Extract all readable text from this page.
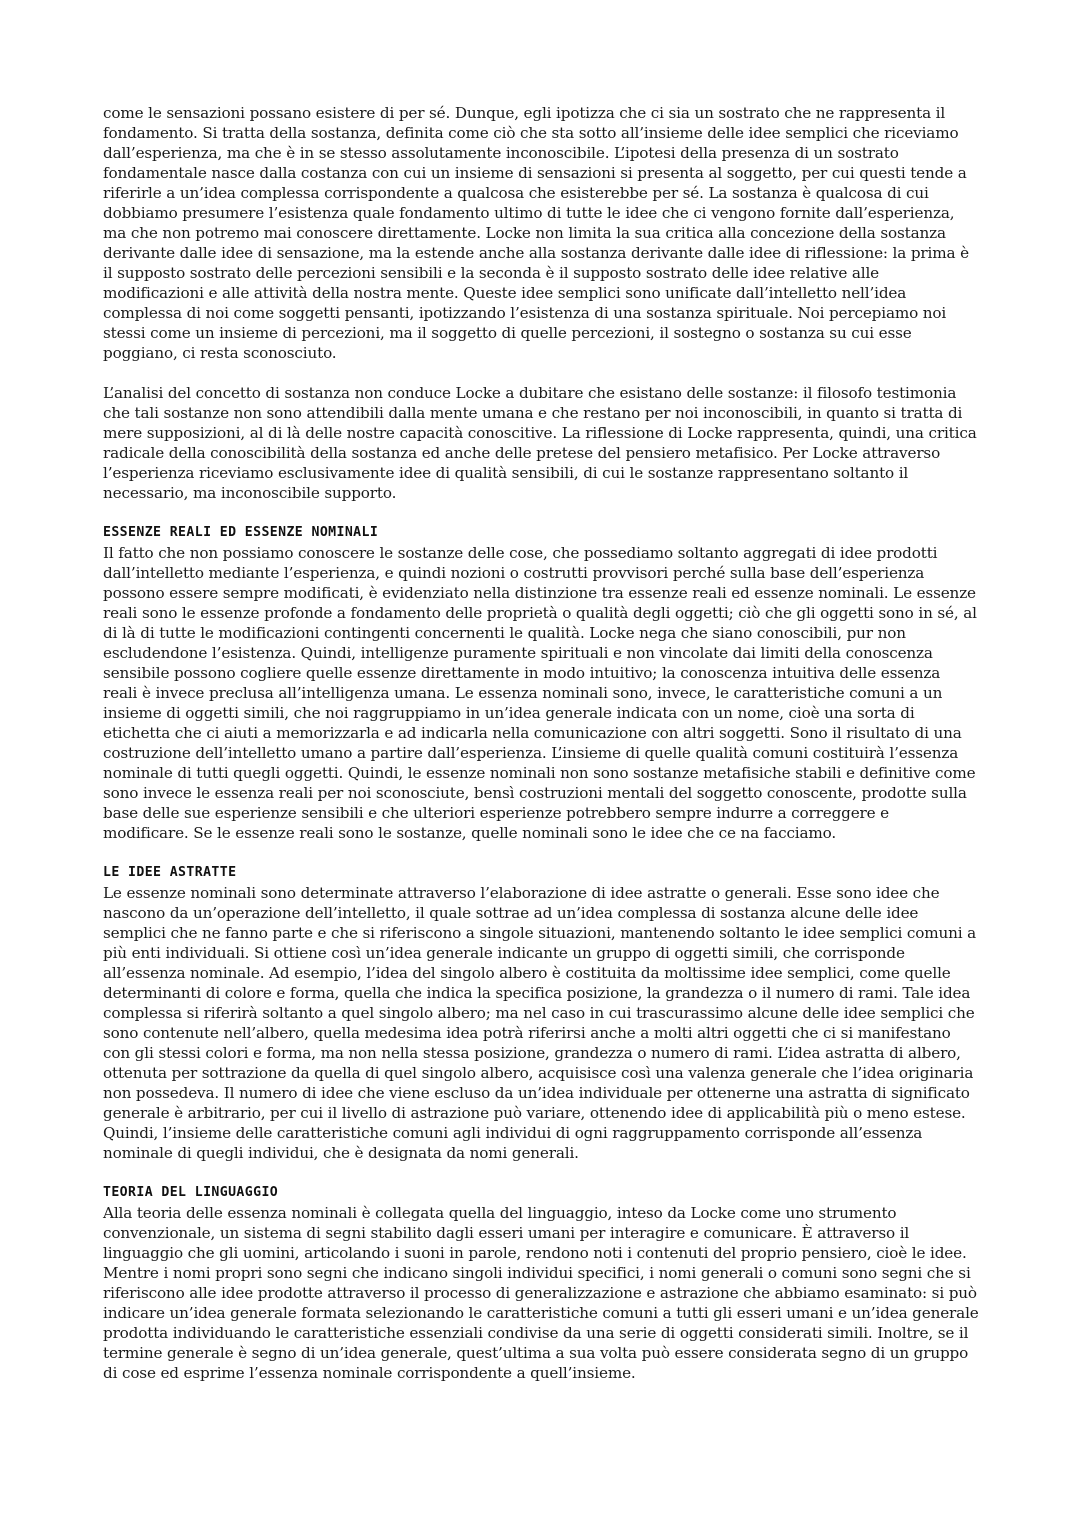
come le sensazioni possano esistere di per sé. Dunque, egli ipotizza che ci sia un sostrato che ne rappresenta il fondamento. Si tratta della sostanza, definita come ciò che sta sotto all’insieme delle idee semplici che riceviamo dall’esperienza, ma che è in se stesso assolutamente inconoscibile. L’ipotesi della presenza di un sostrato fondamentale nasce dalla costanza con cui un insieme di sensazioni si presenta al soggetto, per cui questi tende a riferirle a un’idea complessa corrispondente a qualcosa che esisterebbe per sé. La sostanza è qualcosa di cui dobbiamo presumere l’esistenza quale fondamento ultimo di tutte le idee che ci vengono fornite dall’esperienza, ma che non potremo mai conoscere direttamente. Locke non limita la sua critica alla concezione della sostanza derivante dalle idee di sensazione, ma la estende anche alla sostanza derivante dalle idee di riflessione: la prima è il supposto sostrato delle percezioni sensibili e la seconda è il supposto sostrato delle idee relative alle modificazioni e alle attività della nostra mente. Queste idee semplici sono unificate dall’intelletto nell’idea complessa di noi come soggetti pensanti, ipotizzando l’esistenza di una sostanza spirituale. Noi percepiamo noi stessi come un insieme di percezioni, ma il soggetto di quelle percezioni, il sostegno o sostanza su cui esse poggiano, ci resta sconosciuto.

L’analisi del concetto di sostanza non conduce Locke a dubitare che esistano delle sostanze: il filosofo testimonia che tali sostanze non sono attendibili dalla mente umana e che restano per noi inconoscibili, in quanto si tratta di mere supposizioni, al di là delle nostre capacità conoscitive. La riflessione di Locke rappresenta, quindi, una critica radicale della conoscibilità della sostanza ed anche delle pretese del pensiero metafisico. Per Locke attraverso l’esperienza riceviamo esclusivamente idee di qualità sensibili, di cui le sostanze rappresentano soltanto il necessario, ma inconoscibile supporto.

ESSENZE REALI ED ESSENZE NOMINALI

Il fatto che non possiamo conoscere le sostanze delle cose, che possediamo soltanto aggregati di idee prodotti dall’intelletto mediante l’esperienza, e quindi nozioni o costrutti provvisori perché sulla base dell’esperienza possono essere sempre modificati, è evidenziato nella distinzione tra essenze reali ed essenze nominali. Le essenze reali sono le essenze profonde a fondamento delle proprietà o qualità degli oggetti; ciò che gli oggetti sono in sé, al di là di tutte le modificazioni contingenti concernenti le qualità. Locke nega che siano conoscibili, pur non escludendone l’esistenza. Quindi, intelligenze puramente spirituali e non vincolate dai limiti della conoscenza sensibile possono cogliere quelle essenze direttamente in modo intuitivo; la conoscenza intuitiva delle essenza reali è invece preclusa all’intelligenza umana. Le essenza nominali sono, invece, le caratteristiche comuni a un insieme di oggetti simili, che noi raggruppiamo in un’idea generale indicata con un nome, cioè una sorta di etichetta che ci aiuti a memorizzarla e ad indicarla nella comunicazione con altri soggetti. Sono il risultato di una costruzione dell’intelletto umano a partire dall’esperienza. L’insieme di quelle qualità comuni costituirà l’essenza nominale di tutti quegli oggetti. Quindi, le essenze nominali non sono sostanze metafisiche stabili e definitive come sono invece le essenza reali per noi sconosciute, bensì costruzioni mentali del soggetto conoscente, prodotte sulla base delle sue esperienze sensibili e che ulteriori esperienze potrebbero sempre indurre a correggere e modificare. Se le essenze reali sono le sostanze, quelle nominali sono le idee che ce na facciamo.

LE IDEE ASTRATTE

Le essenze nominali sono determinate attraverso l’elaborazione di idee astratte o generali. Esse sono idee che nascono da un’operazione dell’intelletto, il quale sottrae ad un’idea complessa di sostanza alcune delle idee semplici che ne fanno parte e che si riferiscono a singole situazioni, mantenendo soltanto le idee semplici comuni a più enti individuali. Si ottiene così un’idea generale indicante un gruppo di oggetti simili, che corrisponde all’essenza nominale. Ad esempio, l’idea del singolo albero è costituita da moltissime idee semplici, come quelle determinanti di colore e forma, quella che indica la specifica posizione, la grandezza o il numero di rami. Tale idea complessa si riferirà soltanto a quel singolo albero; ma nel caso in cui trascurassimo alcune delle idee semplici che sono contenute nell’albero, quella medesima idea potrà riferirsi anche a molti altri oggetti che ci si manifestano con gli stessi colori e forma, ma non nella stessa posizione, grandezza o numero di rami. L’idea astratta di albero, ottenuta per sottrazione da quella di quel singolo albero, acquisisce così una valenza generale che l’idea originaria non possedeva. Il numero di idee che viene escluso da un’idea individuale per ottenerne una astratta di significato generale è arbitrario, per cui il livello di astrazione può variare, ottenendo idee di applicabilità più o meno estese. Quindi, l’insieme delle caratteristiche comuni agli individui di ogni raggruppamento corrisponde all’essenza nominale di quegli individui, che è designata da nomi generali.

TEORIA DEL LINGUAGGIO

Alla teoria delle essenza nominali è collegata quella del linguaggio, inteso da Locke come uno strumento convenzionale, un sistema di segni stabilito dagli esseri umani per interagire e comunicare. È attraverso il linguaggio che gli uomini, articolando i suoni in parole, rendono noti i contenuti del proprio pensiero, cioè le idee. Mentre i nomi propri sono segni che indicano singoli individui specifici, i nomi generali o comuni sono segni che si riferiscono alle idee prodotte attraverso il processo di generalizzazione e astrazione che abbiamo esaminato: si può indicare un’idea generale formata selezionando le caratteristiche comuni a tutti gli esseri umani e un’idea generale prodotta individuando le caratteristiche essenziali condivise da una serie di oggetti considerati simili. Inoltre, se il termine generale è segno di un’idea generale, quest’ultima a sua volta può essere considerata segno di un gruppo di cose ed esprime l’essenza nominale corrispondente a quell’insieme.
